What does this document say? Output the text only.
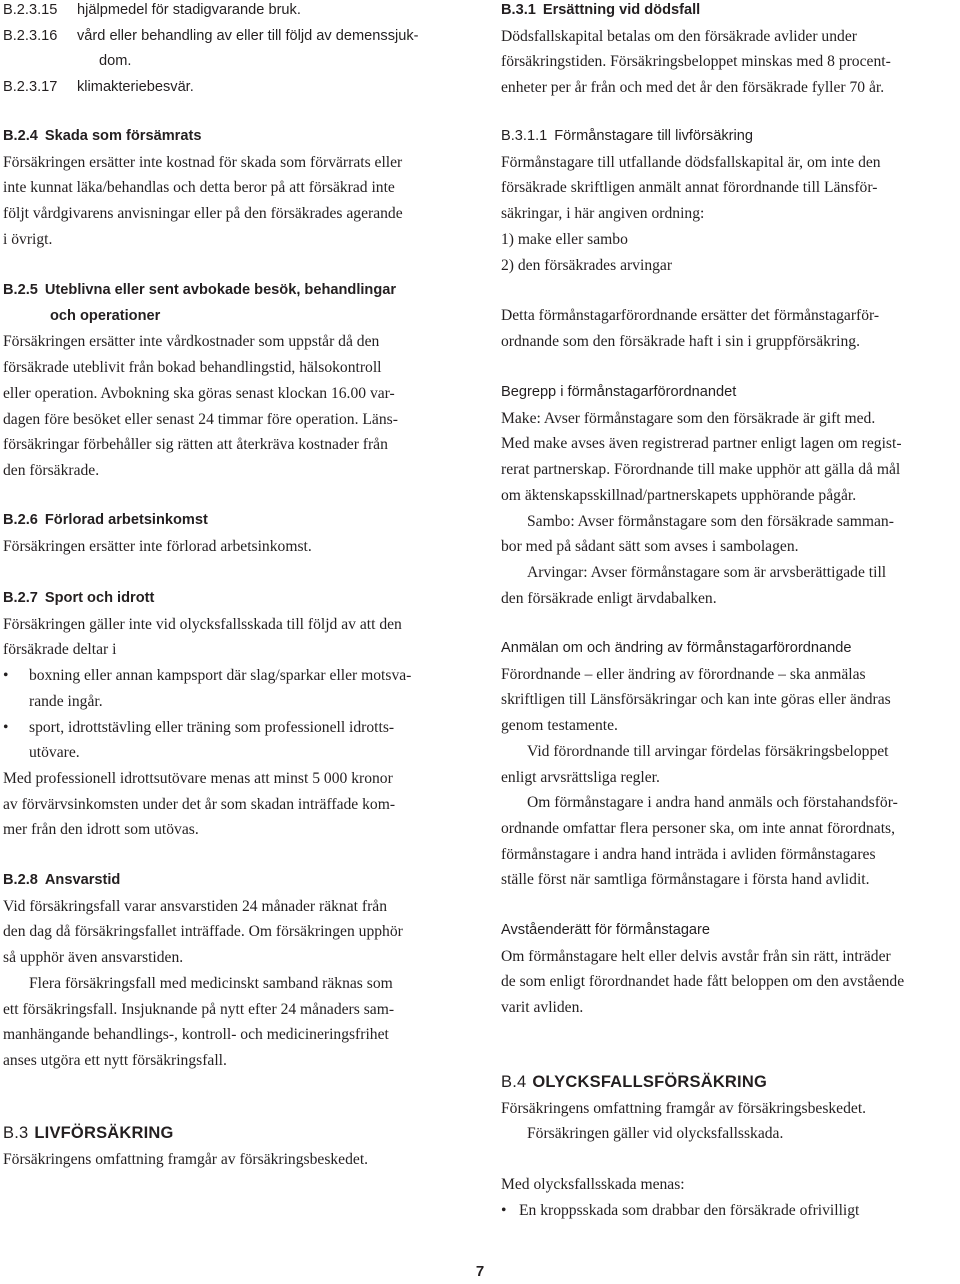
B.2.3.15	hjälpmedel för stadigvarande bruk.
B.2.3.16	vård eller behandling av eller till följd av demenssjuk-
dom.
B.2.3.17	klimakteriebesvär.

B.2.4 Skada som försämrats

Försäkringen ersätter inte kostnad för skada som förvärrats eller
inte kunnat läka/behandlas och detta beror på att försäkrad inte
följt vårdgivarens anvisningar eller på den försäkrades agerande
i övrigt.

B.2.5 Uteblivna eller sent avbokade besök, behandlingar

och operationer

Försäkringen ersätter inte vårdkostnader som uppstår då den
försäkrade uteblivit från bokad behandlingstid, hälsokontroll
eller operation. Avbokning ska göras senast klockan 16.00 var-
dagen före besöket eller senast 24 timmar före operation. Läns-
försäkringar förbehåller sig rätten att återkräva kostnader från
den försäkrade.

B.2.6 Förlorad arbetsinkomst

Försäkringen ersätter inte förlorad arbetsinkomst.

B.2.7 Sport och idrott

Försäkringen gäller inte vid olycksfallsskada till följd av att den
försäkrade deltar i

•	boxning eller annan kampsport där slag/sparkar eller motsva-
rande ingår.
•	sport, idrottstävling eller träning som professionell idrotts-
utövare.

Med professionell idrottsutövare menas att minst 5 000 kronor
av förvärvsinkomsten under det år som skadan inträffade kom-
mer från den idrott som utövas.

B.2.8 Ansvarstid

Vid försäkringsfall varar ansvarstiden 24 månader räknat från
den dag då försäkringsfallet inträffade. Om försäkringen upphör
så upphör även ansvarstiden.

Flera försäkringsfall med medicinskt samband räknas som
ett försäkringsfall. Insjuknande på nytt efter 24 månaders sam-
manhängande behandlings-, kontroll- och medicineringsfrihet
anses utgöra ett nytt försäkringsfall.

B.3 LIVFÖRSÄKRING

Försäkringens omfattning framgår av försäkringsbeskedet.

B.3.1 Ersättning vid dödsfall

Dödsfallskapital betalas om den försäkrade avlider under
försäkringstiden. Försäkringsbeloppet minskas med 8 procent-
enheter per år från och med det år den försäkrade fyller 70 år.

B.3.1.1 Förmånstagare till livförsäkring

Förmånstagare till utfallande dödsfallskapital är, om inte den
försäkrade skriftligen anmält annat förordnande till Länsför-
säkringar, i här angiven ordning:
1) make eller sambo
2) den försäkrades arvingar

Detta förmånstagarförordnande ersätter det förmånstagarför-
ordnande som den försäkrade haft i sin i gruppförsäkring.

Begrepp i förmånstagarförordnandet

Make: Avser förmånstagare som den försäkrade är gift med.
Med make avses även registrerad partner enligt lagen om regist-
rerat partnerskap. Förordnande till make upphör att gälla då mål
om äktenskapsskillnad/partnerskapets upphörande pågår.

Sambo: Avser förmånstagare som den försäkrade samman-
bor med på sådant sätt som avses i sambolagen.

Arvingar: Avser förmånstagare som är arvsberättigade till
den försäkrade enligt ärvdabalken.

Anmälan om och ändring av förmånstagarförordnande

Förordnande – eller ändring av förordnande – ska anmälas
skriftligen till Länsförsäkringar och kan inte göras eller ändras
genom testamente.

Vid förordnande till arvingar fördelas försäkringsbeloppet
enligt arvsrättsliga regler.

Om förmånstagare i andra hand anmäls och förstahandsför-
ordnande omfattar flera personer ska, om inte annat förordnats,
förmånstagare i andra hand inträda i avliden förmånstagares
ställe först när samtliga förmånstagare i första hand avlidit.

Avståenderätt för förmånstagare

Om förmånstagare helt eller delvis avstår från sin rätt, inträder
de som enligt förordnandet hade fått beloppen om den avstående
varit avliden.

B.4 OLYCKSFALLSFÖRSÄKRING

Försäkringens omfattning framgår av försäkringsbeskedet.

Försäkringen gäller vid olycksfallsskada.

Med olycksfallsskada menas:

• En kroppsskada som drabbar den försäkrade ofrivilligt
7
